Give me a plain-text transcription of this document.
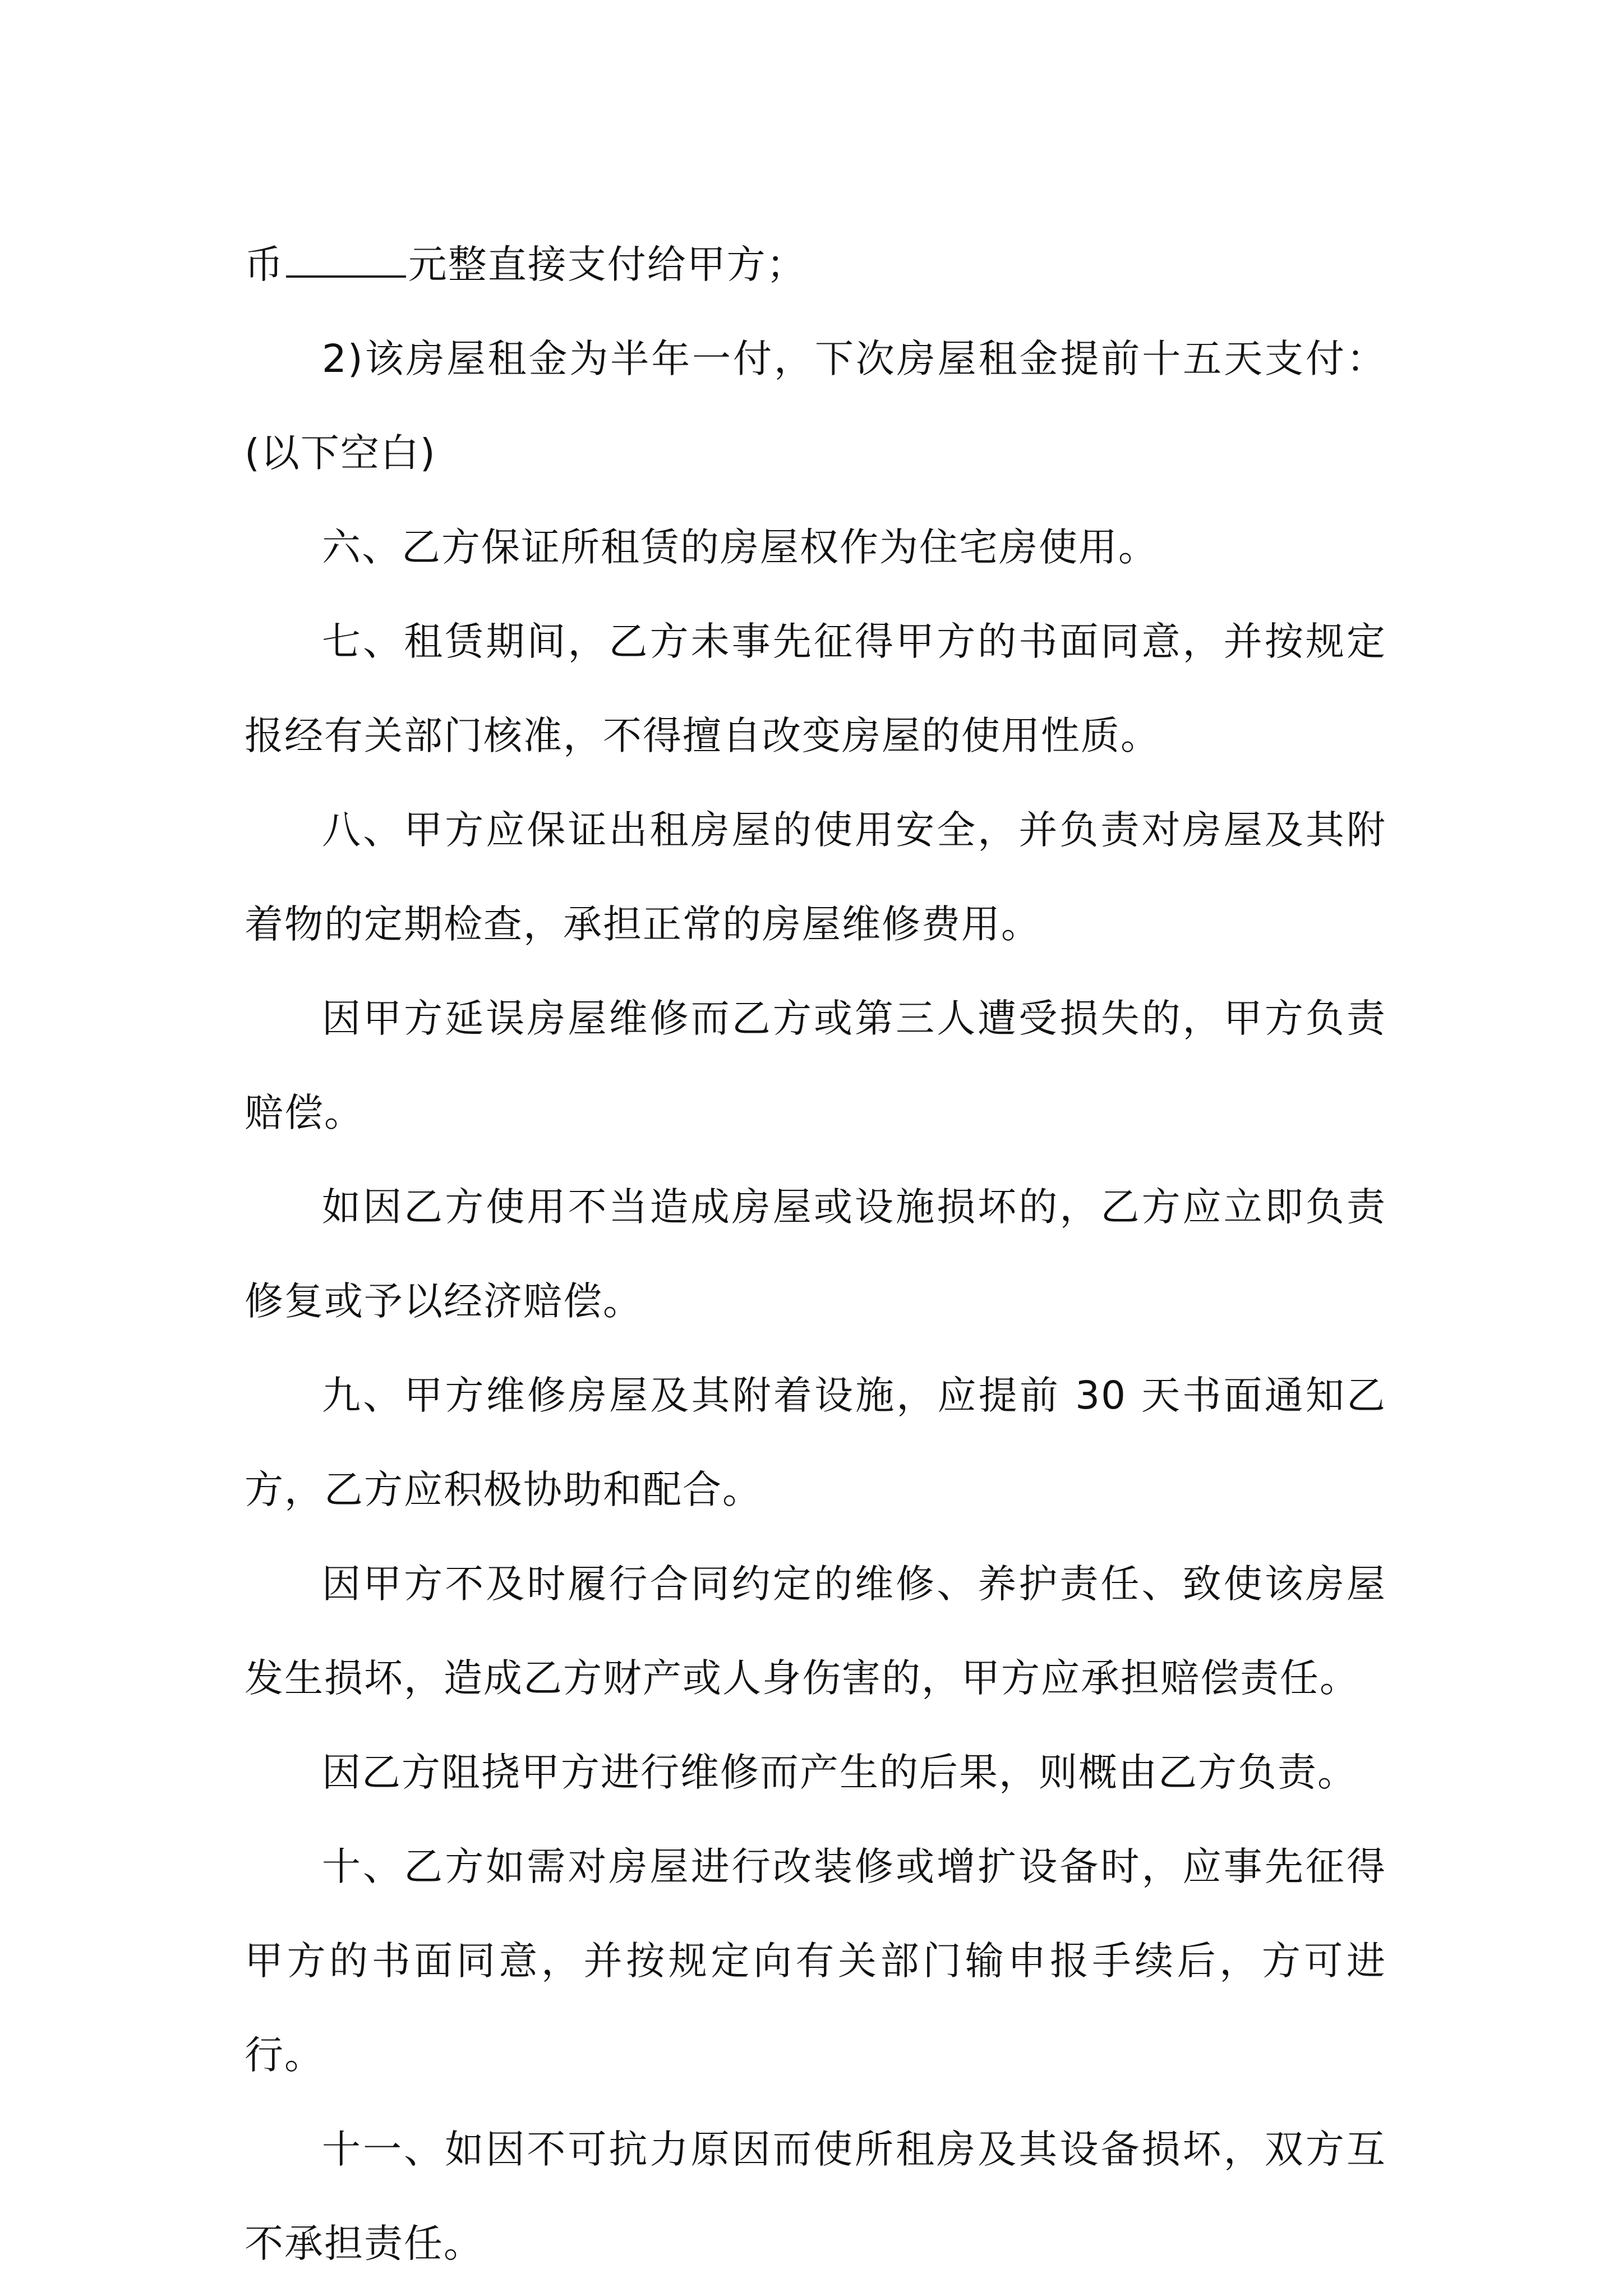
币	元整直接支付给甲方；

2)该房屋租金为半年一付，下次房屋租金提前十五天支付：(以下空白)

六、乙方保证所租赁的房屋权作为住宅房使用。

七、租赁期间，乙方未事先征得甲方的书面同意，并按规定报经有关部门核准，不得擅自改变房屋的使用性质。

八、甲方应保证出租房屋的使用安全，并负责对房屋及其附着物的定期检查，承担正常的房屋维修费用。

因甲方延误房屋维修而乙方或第三人遭受损失的，甲方负责赔偿。

如因乙方使用不当造成房屋或设施损坏的，乙方应立即负责修复或予以经济赔偿。

九、甲方维修房屋及其附着设施，应提前 30 天书面通知乙方，乙方应积极协助和配合。

因甲方不及时履行合同约定的维修、养护责任、致使该房屋发生损坏，造成乙方财产或人身伤害的，甲方应承担赔偿责任。

因乙方阻挠甲方进行维修而产生的后果，则概由乙方负责。

十、乙方如需对房屋进行改装修或增扩设备时，应事先征得甲方的书面同意，并按规定向有关部门输申报手续后，方可进行。

十一、如因不可抗力原因而使所租房及其设备损坏，双方互不承担责任。
